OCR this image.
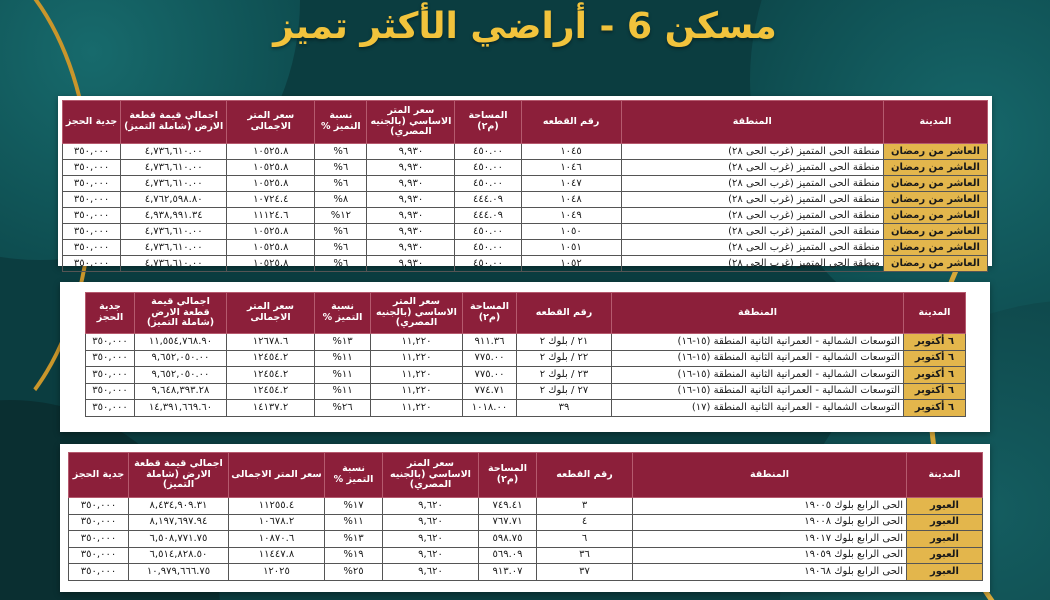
مسكن 6 - أراضي الأكثر تميز
المدينة	المنطقة	رقم القطعه	المساحة (م٢)	سعر المتر الاساسي (بالجنيه المصري)	نسبة التميز %	سعر المتر الاجمالى	اجمالي قيمة قطعة الارض (شاملة التميز)	جدية الحجز
العاشر من رمضان	منطقة الحى المتميز (غرب الحى ٢٨)	١٠٤٥	٤٥٠.٠٠	٩,٩٣٠	٦%	١٠٥٢٥.٨	٤,٧٣٦,٦١٠.٠٠	٣٥٠,٠٠٠
العاشر من رمضان	منطقة الحى المتميز (غرب الحى ٢٨)	١٠٤٦	٤٥٠.٠٠	٩,٩٣٠	٦%	١٠٥٢٥.٨	٤,٧٣٦,٦١٠.٠٠	٣٥٠,٠٠٠
العاشر من رمضان	منطقة الحى المتميز (غرب الحى ٢٨)	١٠٤٧	٤٥٠.٠٠	٩,٩٣٠	٦%	١٠٥٢٥.٨	٤,٧٣٦,٦١٠.٠٠	٣٥٠,٠٠٠
العاشر من رمضان	منطقة الحى المتميز (غرب الحى ٢٨)	١٠٤٨	٤٤٤.٠٩	٩,٩٣٠	٨%	١٠٧٢٤.٤	٤,٧٦٢,٥٩٨.٨٠	٣٥٠,٠٠٠
العاشر من رمضان	منطقة الحى المتميز (غرب الحى ٢٨)	١٠٤٩	٤٤٤.٠٩	٩,٩٣٠	١٢%	١١١٢٤.٦	٤,٩٣٨,٩٩١.٣٤	٣٥٠,٠٠٠
العاشر من رمضان	منطقة الحى المتميز (غرب الحى ٢٨)	١٠٥٠	٤٥٠.٠٠	٩,٩٣٠	٦%	١٠٥٢٥.٨	٤,٧٣٦,٦١٠.٠٠	٣٥٠,٠٠٠
العاشر من رمضان	منطقة الحى المتميز (غرب الحى ٢٨)	١٠٥١	٤٥٠.٠٠	٩,٩٣٠	٦%	١٠٥٢٥.٨	٤,٧٣٦,٦١٠.٠٠	٣٥٠,٠٠٠
العاشر من رمضان	منطقة الحى المتميز (غرب الحى ٢٨)	١٠٥٢	٤٥٠.٠٠	٩,٩٣٠	٦%	١٠٥٢٥.٨	٤,٧٣٦,٦١٠.٠٠	٣٥٠,٠٠٠
المدينة	المنطقة	رقم القطعه	المساحة (م٢)	سعر المتر الاساسي (بالجنيه المصري)	نسبة التميز %	سعر المتر الاجمالى	اجمالي قيمة قطعة الارض (شاملة التميز)	جدية الحجز
٦ أكتوبر	التوسعات الشمالية - العمرانية الثانية المنطقة (١٥-١٦)	٢١ / بلوك ٢	٩١١.٣٦	١١,٢٢٠	١٣%	١٢٦٧٨.٦	١١,٥٥٤,٧٦٨.٩٠	٣٥٠,٠٠٠
٦ أكتوبر	التوسعات الشمالية - العمرانية الثانية المنطقة (١٥-١٦)	٢٢ / بلوك ٢	٧٧٥.٠٠	١١,٢٢٠	١١%	١٢٤٥٤.٢	٩,٦٥٢,٠٥٠.٠٠	٣٥٠,٠٠٠
٦ أكتوبر	التوسعات الشمالية - العمرانية الثانية المنطقة (١٥-١٦)	٢٣ / بلوك ٢	٧٧٥.٠٠	١١,٢٢٠	١١%	١٢٤٥٤.٢	٩,٦٥٢,٠٥٠.٠٠	٣٥٠,٠٠٠
٦ أكتوبر	التوسعات الشمالية - العمرانية الثانية المنطقة (١٥-١٦)	٢٧ / بلوك ٢	٧٧٤.٧١	١١,٢٢٠	١١%	١٢٤٥٤.٢	٩,٦٤٨,٣٩٣.٢٨	٣٥٠,٠٠٠
٦ أكتوبر	التوسعات الشمالية - العمرانية الثانية المنطقة (١٧)	٣٩	١٠١٨.٠٠	١١,٢٢٠	٢٦%	١٤١٣٧.٢	١٤,٣٩١,٦٦٩.٦٠	٣٥٠,٠٠٠
المدينة	المنطقة	رقم القطعه	المساحة (م٢)	سعر المتر الاساسي (بالجنيه المصري)	نسبة التميز %	سعر المتر الاجمالى	اجمالي قيمة قطعة الارض (شاملة التميز)	جدية الحجز
العبور	الحى الرابع بلوك ١٩٠٠٥	٣	٧٤٩.٤١	٩,٦٢٠	١٧%	١١٢٥٥.٤	٨,٤٣٤,٩٠٩.٣١	٣٥٠,٠٠٠
العبور	الحى الرابع بلوك ١٩٠٠٨	٤	٧٦٧.٧١	٩,٦٢٠	١١%	١٠٦٧٨.٢	٨,١٩٧,٦٩٧.٩٤	٣٥٠,٠٠٠
العبور	الحى الرابع بلوك ١٩٠١٧	٦	٥٩٨.٧٥	٩,٦٢٠	١٣%	١٠٨٧٠.٦	٦,٥٠٨,٧٧١.٧٥	٣٥٠,٠٠٠
العبور	الحى الرابع بلوك ١٩٠٥٩	٣٦	٥٦٩.٠٩	٩,٦٢٠	١٩%	١١٤٤٧.٨	٦,٥١٤,٨٢٨.٥٠	٣٥٠,٠٠٠
العبور	الحى الرابع بلوك ١٩٠٦٨	٣٧	٩١٣.٠٧	٩,٦٢٠	٢٥%	١٢٠٢٥	١٠,٩٧٩,٦٦٦.٧٥	٣٥٠,٠٠٠
